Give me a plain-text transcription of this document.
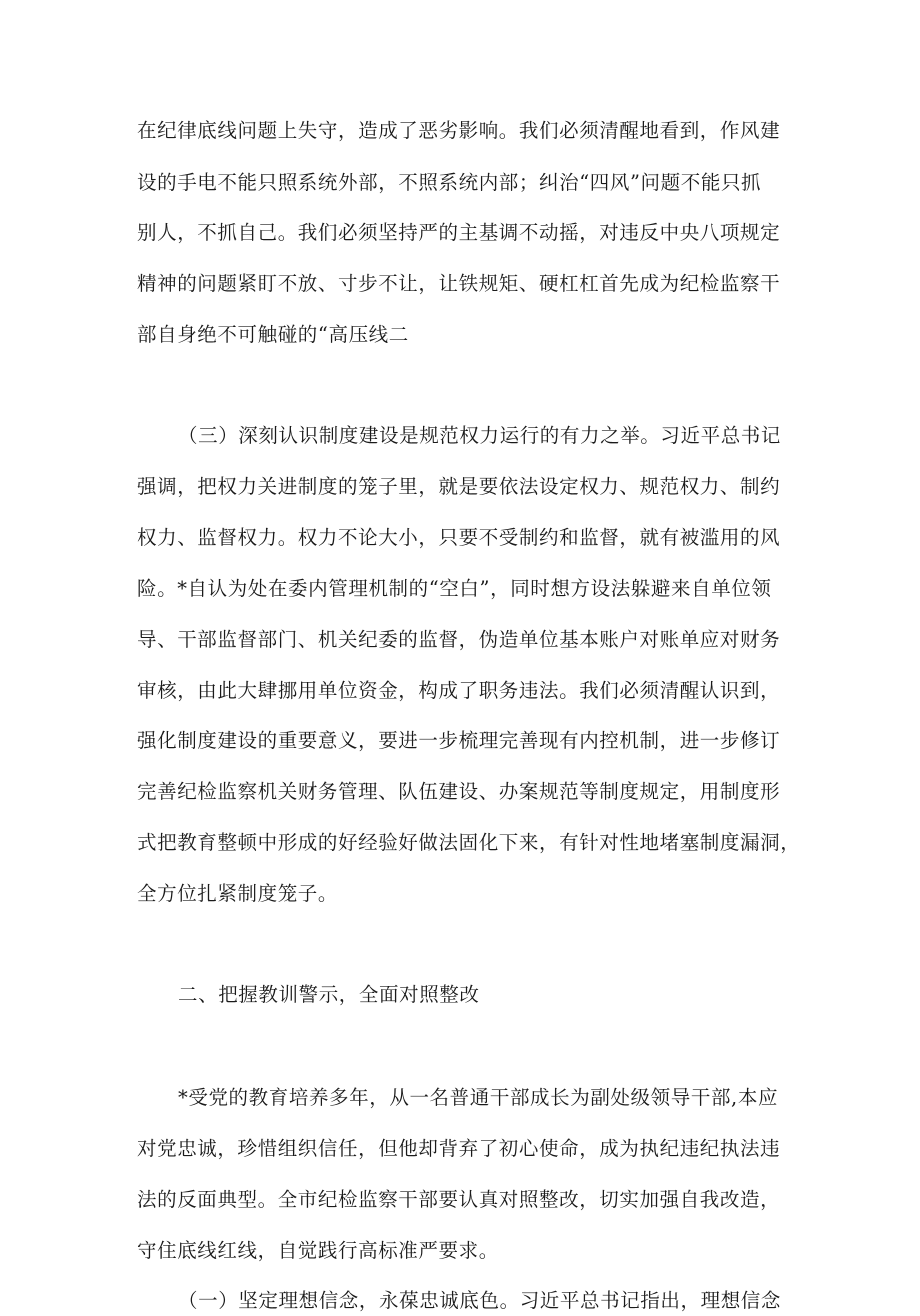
在纪律底线问题上失守，造成了恶劣影响。我们必须清醒地看到，作风建

设的手电不能只照系统外部，不照系统内部；纠治“四风”问题不能只抓

别人，不抓自己。我们必须坚持严的主基调不动摇，对违反中央八项规定

精神的问题紧盯不放、寸步不让，让铁规矩、硬杠杠首先成为纪检监察干

部自身绝不可触碰的“高压线二

（三）深刻认识制度建设是规范权力运行的有力之举。习近平总书记

强调，把权力关进制度的笼子里，就是要依法设定权力、规范权力、制约

权力、监督权力。权力不论大小，只要不受制约和监督，就有被滥用的风

险。*自认为处在委内管理机制的“空白”，同时想方设法躲避来自单位领

导、干部监督部门、机关纪委的监督，伪造单位基本账户对账单应对财务

审核，由此大肆挪用单位资金，构成了职务违法。我们必须清醒认识到，

强化制度建设的重要意义，要进一步梳理完善现有内控机制，进一步修订

完善纪检监察机关财务管理、队伍建设、办案规范等制度规定，用制度形

式把教育整顿中形成的好经验好做法固化下来，有针对性地堵塞制度漏洞，

全方位扎紧制度笼子。

二、把握教训警示，全面对照整改

*受党的教育培养多年，从一名普通干部成长为副处级领导干部,本应

对党忠诚，珍惜组织信任，但他却背弃了初心使命，成为执纪违纪执法违

法的反面典型。全市纪检监察干部要认真对照整改，切实加强自我改造，

守住底线红线，自觉践行高标准严要求。

（一）坚定理想信念，永葆忠诚底色。习近平总书记指出，理想信念
